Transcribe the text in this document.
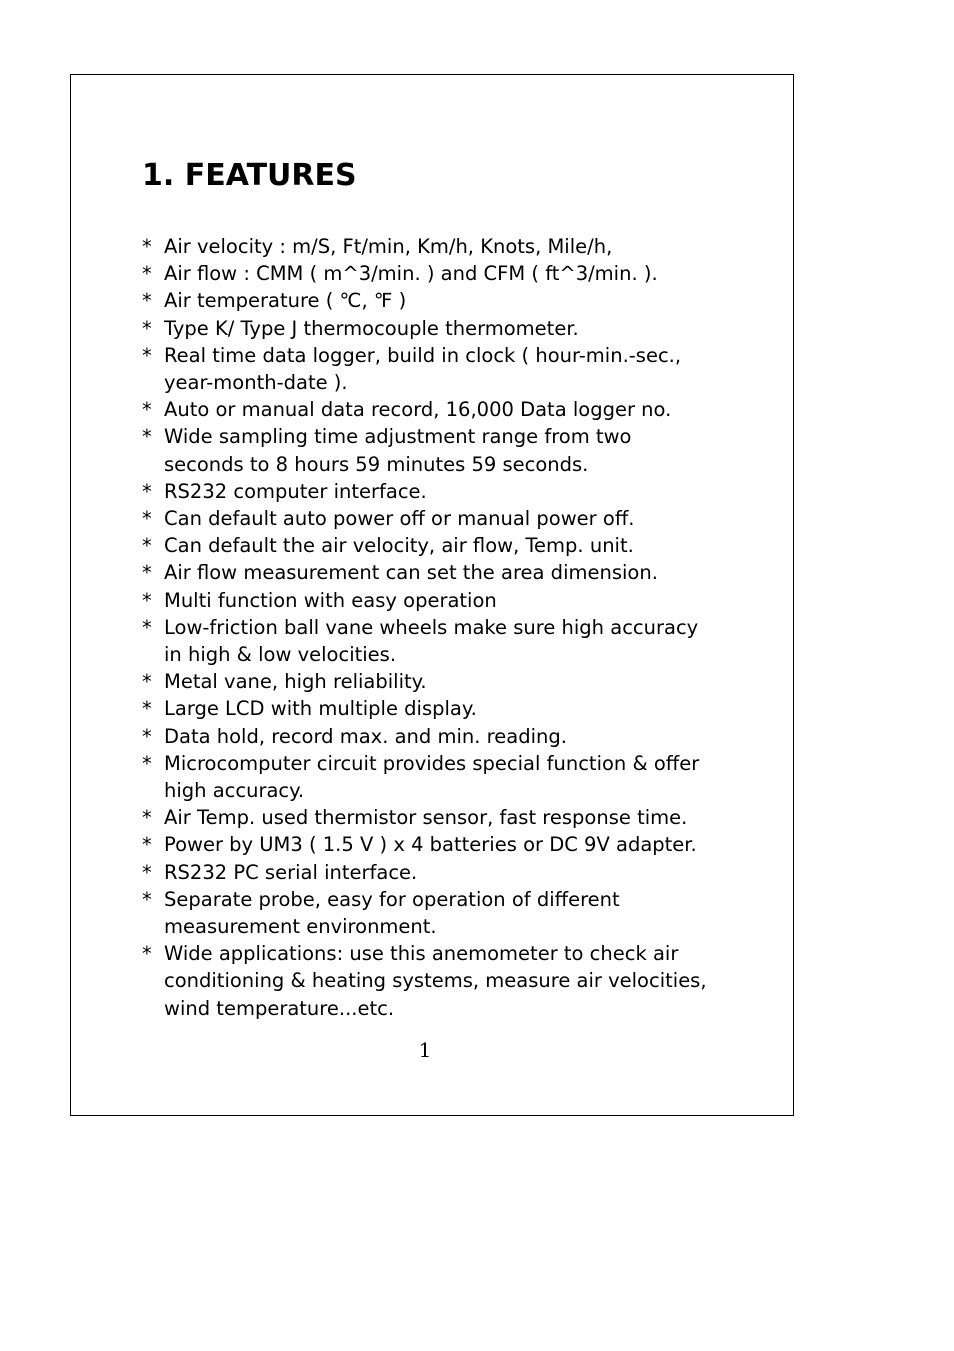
1. FEATURES
* Air velocity : m/S, Ft/min, Km/h, Knots, Mile/h,
* Air flow : CMM ( m^3/min. ) and CFM ( ft^3/min. ).
* Air temperature ( ℃, ℉ )
* Type K/ Type J thermocouple thermometer.
* Real time data logger, build in clock ( hour-min.-sec.,
year-month-date ).
* Auto or manual data record, 16,000 Data logger no.
* Wide sampling time adjustment range from two
seconds to 8 hours 59 minutes 59 seconds.
* RS232 computer interface.
* Can default auto power off or manual power off.
* Can default the air velocity, air flow, Temp. unit.
* Air flow measurement can set the area dimension.
* Multi function with easy operation
* Low-friction ball vane wheels make sure high accuracy
in high & low velocities.
* Metal vane, high reliability.
* Large LCD with multiple display.
* Data hold, record max. and min. reading.
* Microcomputer circuit provides special function & offer
high accuracy.
* Air Temp. used thermistor sensor, fast response time.
* Power by UM3 ( 1.5 V ) x 4 batteries or DC 9V adapter.
* RS232 PC serial interface.
* Separate probe, easy for operation of different
measurement environment.
* Wide applications: use this anemometer to check air
conditioning & heating systems, measure air velocities,
wind temperature...etc.
1
